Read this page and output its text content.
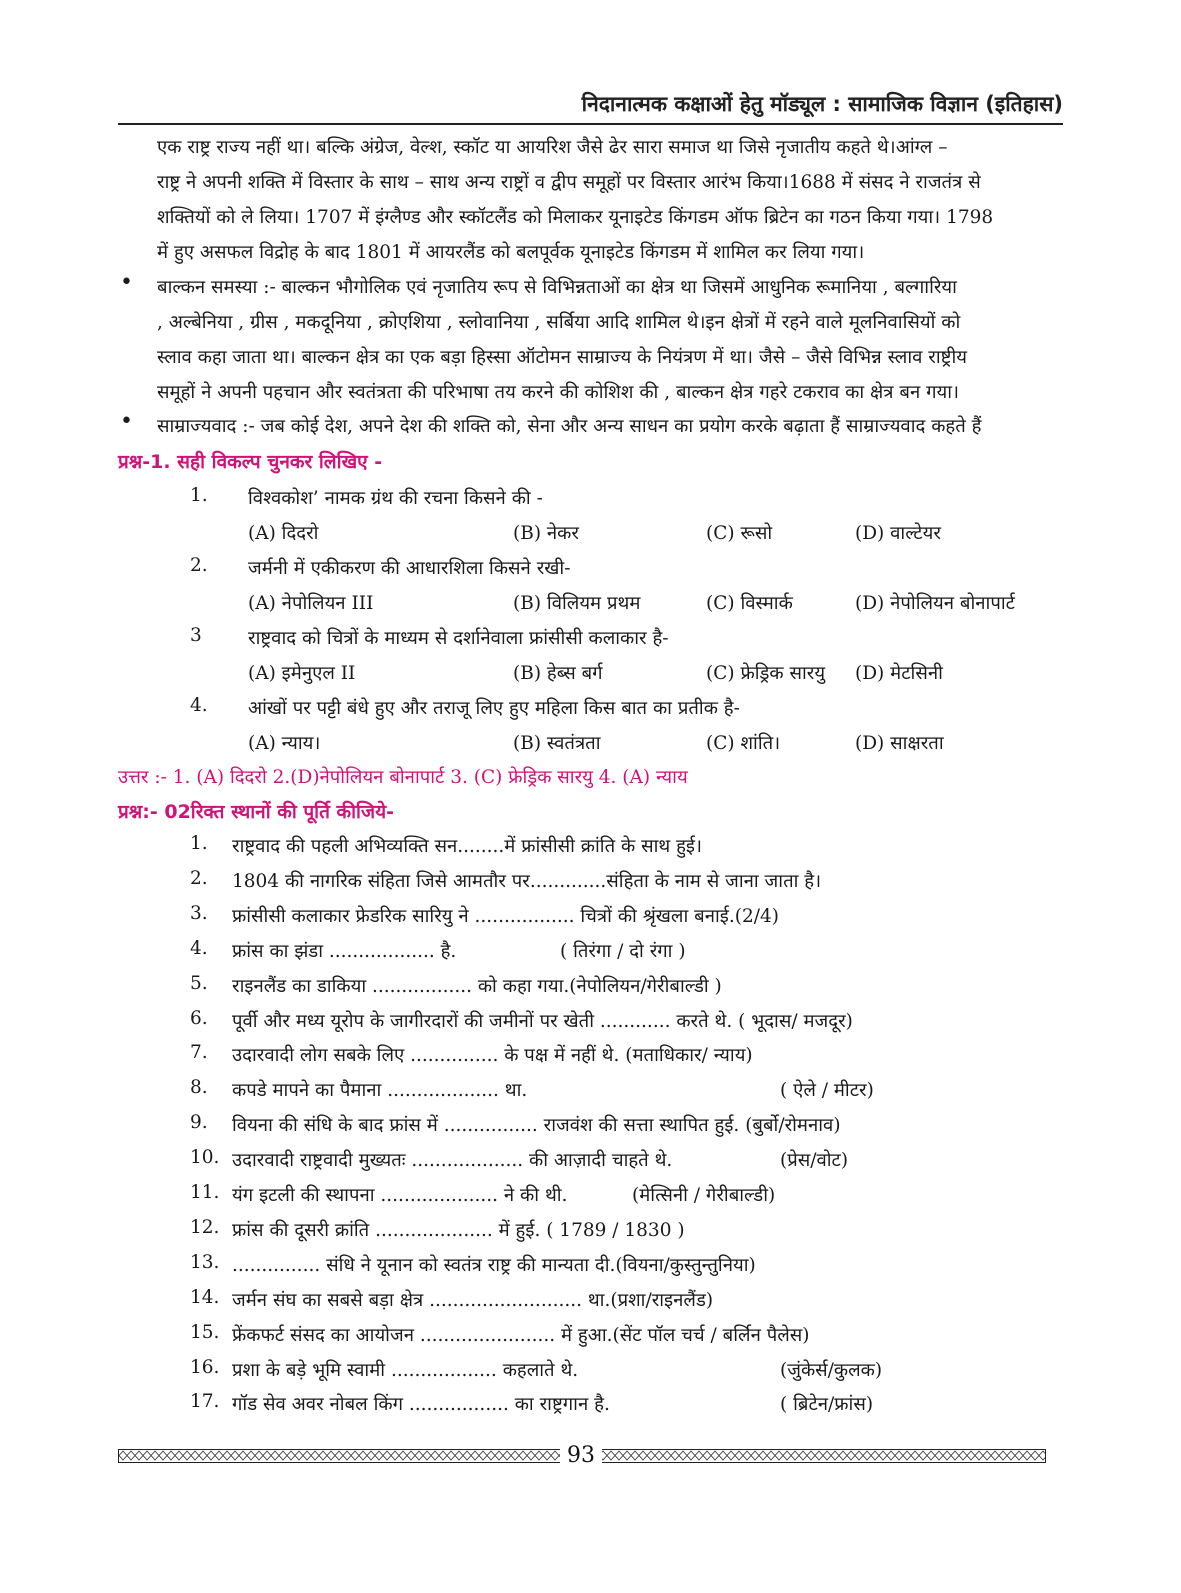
निदानात्मक कक्षाओं हेतु मॉड्यूल : सामाजिक विज्ञान (इतिहास)
एक राष्ट्र राज्य नहीं था। बल्कि अंग्रेज, वेल्श, स्कॉट या आयरिश जैसे ढेर सारा समाज था जिसे नृजातीय कहते थे।आंग्ल –
राष्ट्र ने अपनी शक्ति में विस्तार के साथ – साथ अन्य राष्ट्रों व द्वीप समूहों पर विस्तार आरंभ किया।1688 में संसद ने राजतंत्र से
शक्तियों को ले लिया। 1707 में इंग्लैण्ड और स्कॉटलैंड को मिलाकर यूनाइटेड किंगडम ऑफ ब्रिटेन का गठन किया गया। 1798
में हुए असफल विद्रोह के बाद 1801 में आयरलैंड को बलपूर्वक यूनाइटेड किंगडम में शामिल कर लिया गया।
• बाल्कन समस्या :- बाल्कन भौगोलिक एवं नृजातिय रूप से विभिन्नताओं का क्षेत्र था जिसमें आधुनिक रूमानिया , बल्गारिया
, अल्बेनिया , ग्रीस , मकदूनिया , क्रोएशिया , स्लोवानिया , सर्बिया आदि शामिल थे।इन क्षेत्रों में रहने वाले मूलनिवासियों को
स्लाव कहा जाता था। बाल्कन क्षेत्र का एक बड़ा हिस्सा ऑटोमन साम्राज्य के नियंत्रण में था। जैसे – जैसे विभिन्न स्लाव राष्ट्रीय
समूहों ने अपनी पहचान और स्वतंत्रता की परिभाषा तय करने की कोशिश की , बाल्कन क्षेत्र गहरे टकराव का क्षेत्र बन गया।
• साम्राज्यवाद :- जब कोई देश, अपने देश की शक्ति को, सेना और अन्य साधन का प्रयोग करके बढ़ाता हैं साम्राज्यवाद कहते हैं
प्रश्न-1. सही विकल्प चुनकर लिखिए -
1. विश्वकोश’ नामक ग्रंथ की रचना किसने की -
(A) दिदरो	(B) नेकर	(C) रूसो	(D) वाल्टेयर
2. जर्मनी में एकीकरण की आधारशिला किसने रखी-
(A) नेपोलियन III	(B) विलियम प्रथम	(C) विस्मार्क	(D) नेपोलियन बोनापार्ट
3 राष्ट्रवाद को चित्रों के माध्यम से दर्शानेवाला फ्रांसीसी कलाकार है-
(A) इमेनुएल II	(B) हेब्स बर्ग	(C) फ्रेड्रिक सारयु (D) मेटसिनी
4. आंखों पर पट्टी बंधे हुए और तराजू लिए हुए महिला किस बात का प्रतीक है-
(A) न्याय।	(B) स्वतंत्रता	(C) शांति।	(D) साक्षरता
उत्तर :- 1. (A) दिदरो 2.(D)नेपोलियन बोनापार्ट 3. (C) फ्रेड्रिक सारयु 4. (A) न्याय
प्रश्न:- 02रिक्त स्थानों की पूर्ति कीजिये-
1. राष्ट्रवाद की पहली अभिव्यक्ति सन........में फ्रांसीसी क्रांति के साथ हुई।
2. 1804 की नागरिक संहिता जिसे आमतौर पर.............संहिता के नाम से जाना जाता है।
3. फ्रांसीसी कलाकार फ्रेडरिक सारियु ने ................. चित्रों की श्रृंखला बनाई.(2/4)
4. फ्रांस का झंडा .................. है.	( तिरंगा / दो रंगा )
5. राइनलैंड का डाकिया ................. को कहा गया.(नेपोलियन/गेरीबाल्डी )
6. पूर्वी और मध्य यूरोप के जागीरदारों की जमीनों पर खेती ............ करते थे. ( भूदास/ मजदूर)
7. उदारवादी लोग सबके लिए ............... के पक्ष में नहीं थे. (मताधिकार/ न्याय)
8. कपडे मापने का पैमाना ................... था.	( ऐले / मीटर)
9. वियना की संधि के बाद फ्रांस में ................ राजवंश की सत्ता स्थापित हुई. (बुर्बो/रोमनाव)
10. उदारवादी राष्ट्रवादी मुख्यतः ................... की आज़ादी चाहते थे.	(प्रेस/वोट)
11. यंग इटली की स्थापना .................... ने की थी.	(मेत्सिनी / गेरीबाल्डी)
12. फ्रांस की दूसरी क्रांति .................... में हुई. ( 1789 / 1830 )
13. ............... संधि ने यूनान को स्वतंत्र राष्ट्र की मान्यता दी.(वियना/कुस्तुन्तुनिया)
14. जर्मन संघ का सबसे बड़ा क्षेत्र .......................... था.(प्रशा/राइनलैंड)
15. फ्रेंकफर्ट संसद का आयोजन ....................... में हुआ.(सेंट पॉल चर्च / बर्लिन पैलेस)
16. प्रशा के बड़े भूमि स्वामी .................. कहलाते थे.	(जुंकेर्स/कुलक)
17. गॉड सेव अवर नोबल किंग ................. का राष्ट्रगान है.	( ब्रिटेन/फ्रांस)
93
